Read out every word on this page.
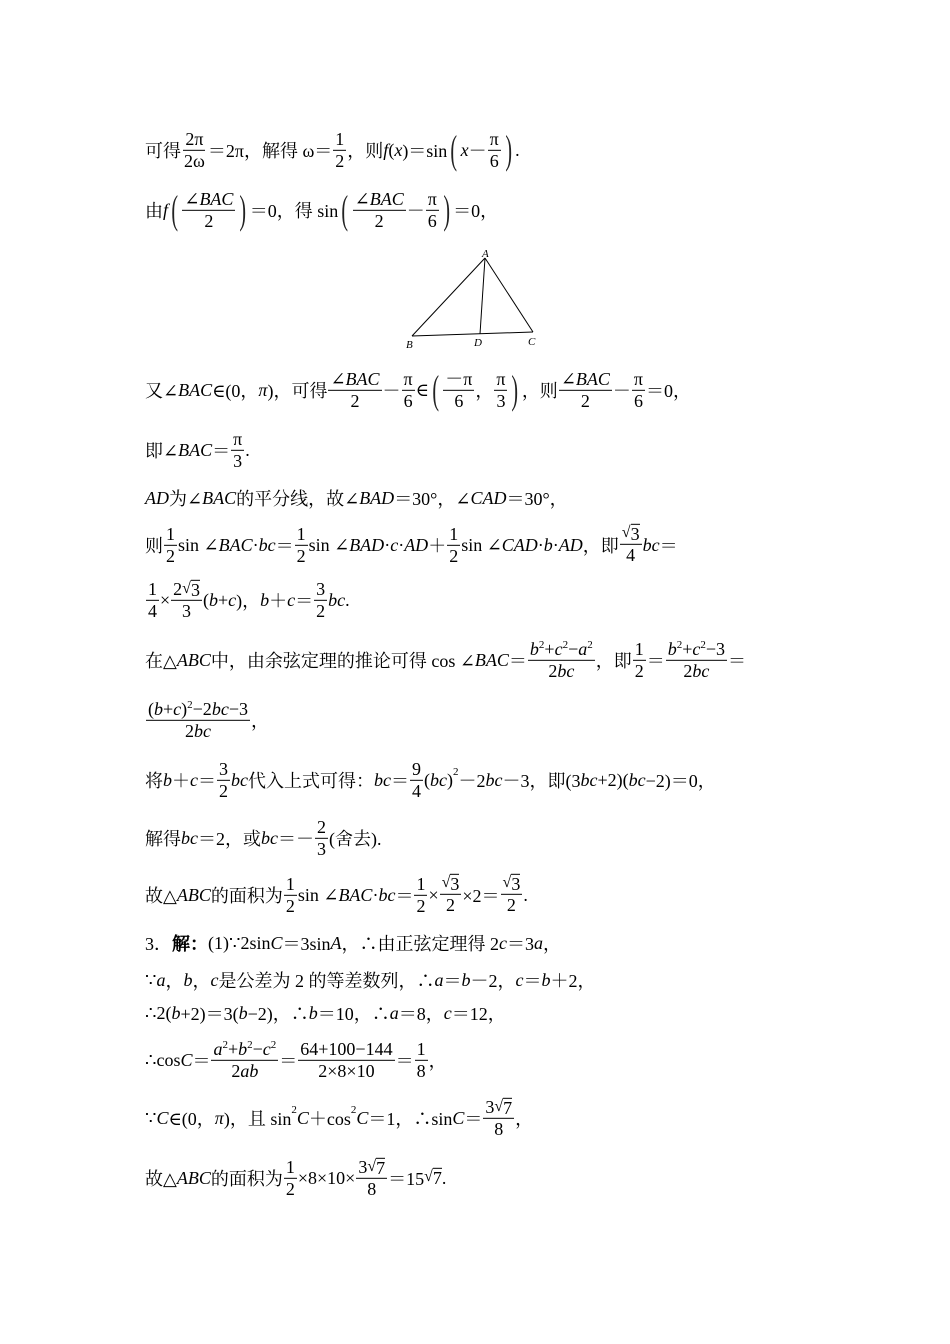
可得 $\frac{2\pi}{2\omega} =2\pi$，解得 $\omega= \frac{1}{2}$ ，则 f ( x )＝sin ( $x - \frac{\pi}{6}$ ) .
由 f ( $\frac{\text{∠ BAC}}{2}$ ) ＝0，得 sin ( $\frac{\text{∠ BAC}}{2} - \frac{\pi}{6}$ ) ＝0，
又∠ BAC ∈(0， π )，可得 $\frac{\text{∠ BAC}}{2} - \frac{\pi}{6}$ ∈ ( $\frac{-\pi}{6}$ ， $\frac{\pi}{3}$ ) ，则 $\frac{\text{∠ BAC}}{2} - \frac{\pi}{6} =0$，
即∠ BAC ＝ $\frac{\pi}{3}$ .
AD 为∠ BAC 的平分线，故∠ BAD ＝30°，∠ CAD ＝30°，
则 $\frac{1}{2}$ sin ∠ BAC · bc ＝ $\frac{1}{2}$ sin ∠ BAD · c · AD ＋ $\frac{1}{2}$ sin ∠ CAD · b · AD ，即 $\frac{√ 3}{4}$ bc ＝
$\frac{1}{4} \times \frac{2 √ 3}{3}$ ( b + c )， $b + c = \frac{3}{2}$ bc .
在△ ABC 中，由余弦定理的推论可得 cos ∠ BAC ＝ $\frac{b 2 + c 2 - a 2}{2 bc}$ ，即 $\frac{1}{2} = \frac{b 2 + c 2 -3}{2 bc}$ ＝
$\frac{( b + c ) 2 -2 bc -3}{2 bc}$ ，
将 $b + c = \frac{3}{2}$ bc 代入上式可得： bc ＝ $\frac{9}{4}$ ( bc ) 2 －2 bc －3，即(3 bc +2)( bc −2)＝0，
解得 bc ＝2，或 bc ＝－ $\frac{2}{3}$ (舍去).
故△ ABC 的面积为 $\frac{1}{2}$ sin ∠ BAC · bc ＝ $\frac{1}{2} \times \frac{√ 3}{2} \times 2= \frac{√ 3}{2}$ .
3． 解： (1)∵2sin C ＝3sin A ，∴由正弦定理得 2 c ＝3 a ，
∵ a ， b ， c 是公差为 2 的等差数列，∴ a ＝ b －2， c ＝ b ＋2，
∴2( b +2)＝3( b −2)，∴ b ＝10，∴ a ＝8， c ＝12，
∴cos $C = \frac{a 2 + b 2 - c 2}{2 ab} = \frac{64+100-144}{2\times 8\times 10} = \frac{1}{8}$ ，
∵ C ∈(0， π )，且 sin 2 C ＋cos 2 C ＝1，∴sin $C = \frac{3 √ 7}{8}$ ，
故△ ABC 的面积为 $\frac{1}{2} \times 8\times 10\times \frac{3 √ 7}{8} =15$ √ 7 .
A
B	D	C
